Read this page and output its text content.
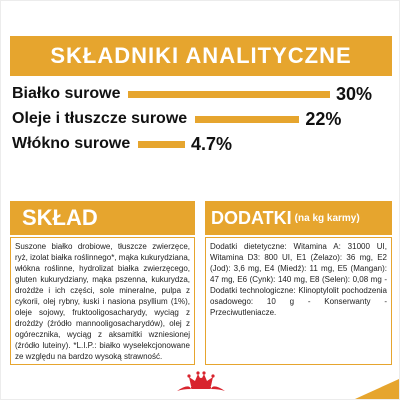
SKŁADNIKI ANALITYCZNE
Białko surowe	30%
Oleje i tłuszcze surowe	22%
Włókno surowe	4.7%
SKŁAD	DODATKI (na kg karmy)
Suszone białko drobiowe, tłuszcze zwierzęce, ryż, izolat białka roślinnego*, mąka kukurydziana, włókna roślinne, hydrolizat białka zwierzęcego, gluten kukurydziany, mąka pszenna, kukurydza, drożdże i ich części, sole mineralne, pulpa z cykorii, olej rybny, łuski i nasiona psyllium (1%), oleje sojowy, fruktooligosacharydy, wyciąg z drożdży (źródło mannooligosacharydów), olej z ogórecznika, wyciąg z aksamitki wzniesionej (źródło luteiny). *L.I.P.: białko wyselekcjonowane ze względu na bardzo wysoką strawność.
Dodatki dietetyczne: Witamina A: 31000 UI, Witamina D3: 800 UI, E1 (Żelazo): 36 mg, E2 (Jod): 3,6 mg, E4 (Miedź): 11 mg, E5 (Mangan): 47 mg, E6 (Cynk): 140 mg, E8 (Selen): 0,08 mg - Dodatki technologiczne: Klinoptylolit pochodzenia osadowego: 10 g - Konserwanty - Przeciwutleniacze.
